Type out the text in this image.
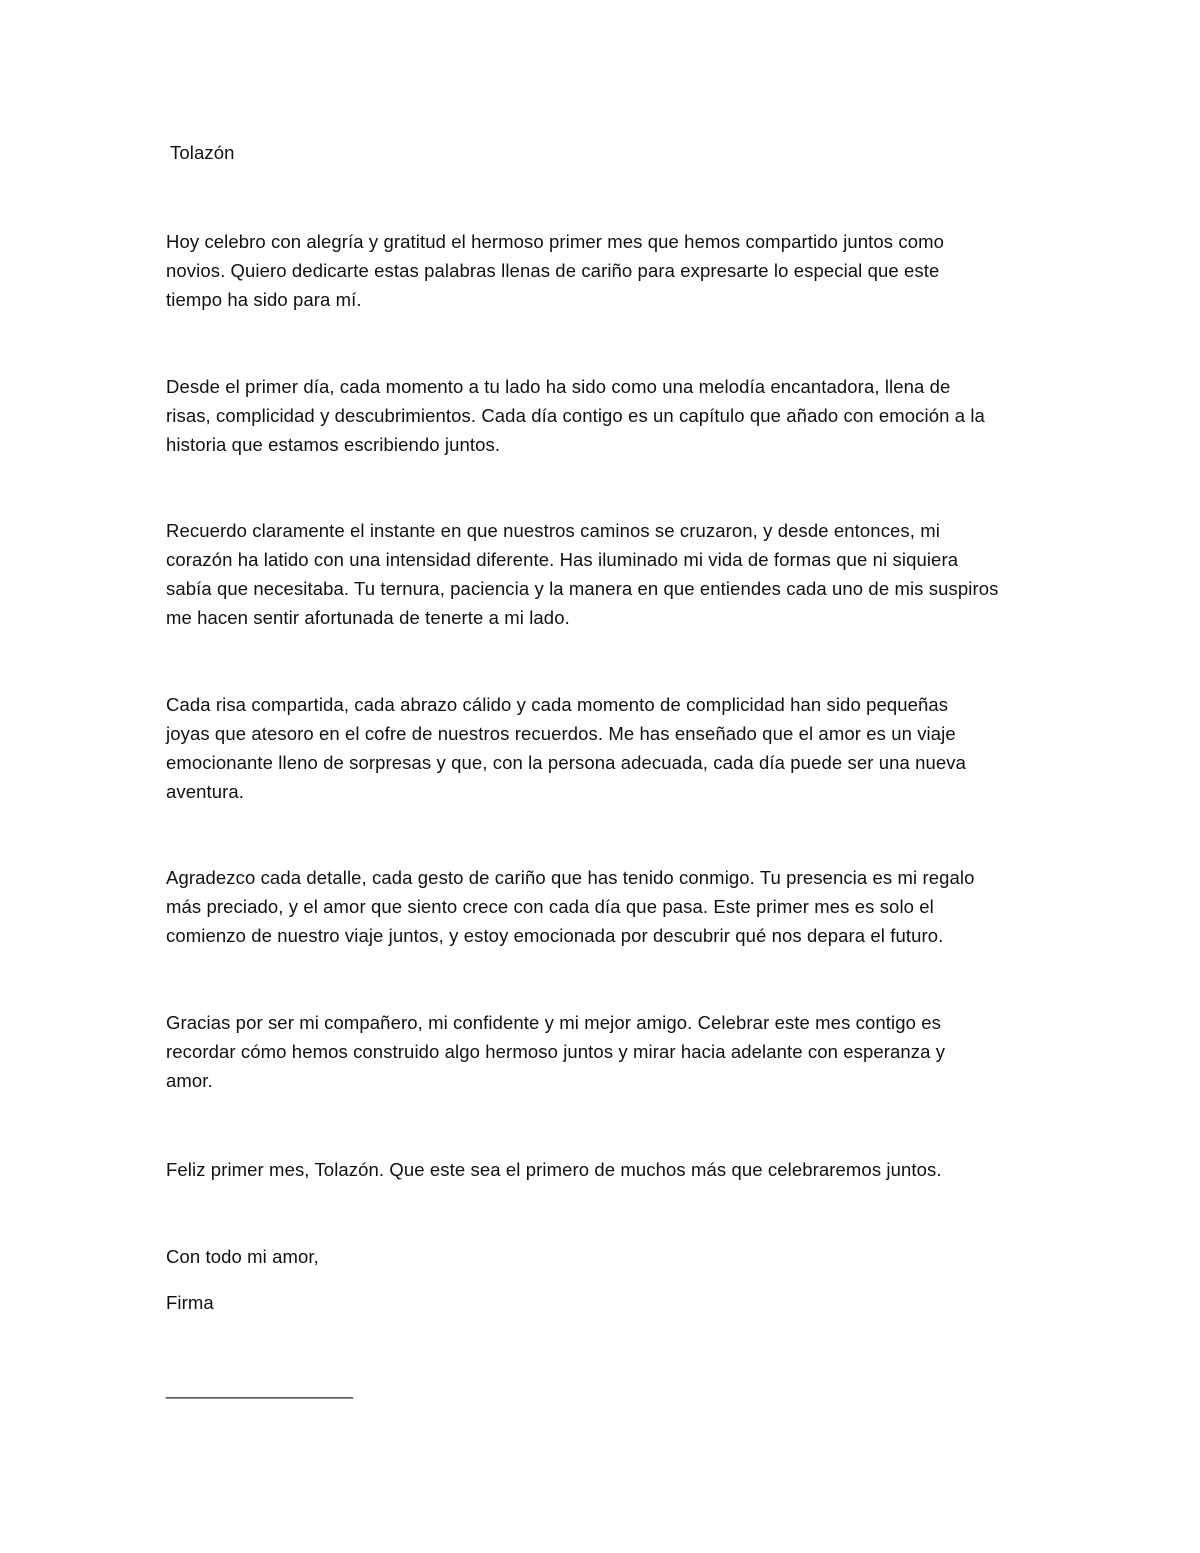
Tolazón
Hoy celebro con alegría y gratitud el hermoso primer mes que hemos compartido juntos como
novios. Quiero dedicarte estas palabras llenas de cariño para expresarte lo especial que este
tiempo ha sido para mí.
Desde el primer día, cada momento a tu lado ha sido como una melodía encantadora, llena de
risas, complicidad y descubrimientos. Cada día contigo es un capítulo que añado con emoción a la
historia que estamos escribiendo juntos.
Recuerdo claramente el instante en que nuestros caminos se cruzaron, y desde entonces, mi
corazón ha latido con una intensidad diferente. Has iluminado mi vida de formas que ni siquiera
sabía que necesitaba. Tu ternura, paciencia y la manera en que entiendes cada uno de mis suspiros
me hacen sentir afortunada de tenerte a mi lado.
Cada risa compartida, cada abrazo cálido y cada momento de complicidad han sido pequeñas
joyas que atesoro en el cofre de nuestros recuerdos. Me has enseñado que el amor es un viaje
emocionante lleno de sorpresas y que, con la persona adecuada, cada día puede ser una nueva
aventura.
Agradezco cada detalle, cada gesto de cariño que has tenido conmigo. Tu presencia es mi regalo
más preciado, y el amor que siento crece con cada día que pasa. Este primer mes es solo el
comienzo de nuestro viaje juntos, y estoy emocionada por descubrir qué nos depara el futuro.
Gracias por ser mi compañero, mi confidente y mi mejor amigo. Celebrar este mes contigo es
recordar cómo hemos construido algo hermoso juntos y mirar hacia adelante con esperanza y
amor.
Feliz primer mes, Tolazón. Que este sea el primero de muchos más que celebraremos juntos.
Con todo mi amor,
Firma
__________________
